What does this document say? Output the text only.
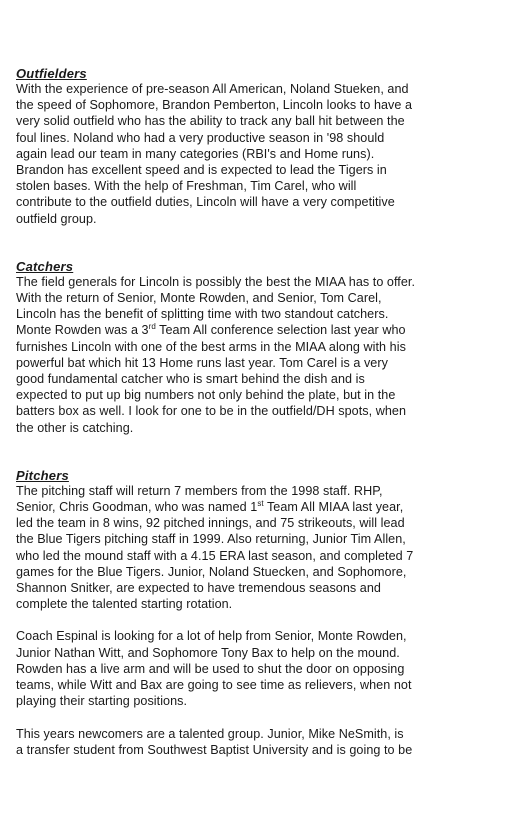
Outfielders

With the experience of pre-season All American, Noland Stueken, and
the speed of Sophomore, Brandon Pemberton, Lincoln looks to have a
very solid outfield who has the ability to track any ball hit between the
foul lines. Noland who had a very productive season in '98 should
again lead our team in many categories (RBI's and Home runs).
Brandon has excellent speed and is expected to lead the Tigers in
stolen bases. With the help of Freshman, Tim Carel, who will
contribute to the outfield duties, Lincoln will have a very competitive
outfield group.

Catchers

The field generals for Lincoln is possibly the best the MIAA has to offer.
With the return of Senior, Monte Rowden, and Senior, Tom Carel,
Lincoln has the benefit of splitting time with two standout catchers.
Monte Rowden was a 3rd Team All conference selection last year who
furnishes Lincoln with one of the best arms in the MIAA along with his
powerful bat which hit 13 Home runs last year. Tom Carel is a very
good fundamental catcher who is smart behind the dish and is
expected to put up big numbers not only behind the plate, but in the
batters box as well. I look for one to be in the outfield/DH spots, when
the other is catching.

Pitchers

The pitching staff will return 7 members from the 1998 staff. RHP,
Senior, Chris Goodman, who was named 1st Team All MIAA last year,
led the team in 8 wins, 92 pitched innings, and 75 strikeouts, will lead
the Blue Tigers pitching staff in 1999. Also returning, Junior Tim Allen,
who led the mound staff with a 4.15 ERA last season, and completed 7
games for the Blue Tigers. Junior, Noland Stuecken, and Sophomore,
Shannon Snitker, are expected to have tremendous seasons and
complete the talented starting rotation.

Coach Espinal is looking for a lot of help from Senior, Monte Rowden,
Junior Nathan Witt, and Sophomore Tony Bax to help on the mound.
Rowden has a live arm and will be used to shut the door on opposing
teams, while Witt and Bax are going to see time as relievers, when not
playing their starting positions.

This years newcomers are a talented group. Junior, Mike NeSmith, is
a transfer student from Southwest Baptist University and is going to be
